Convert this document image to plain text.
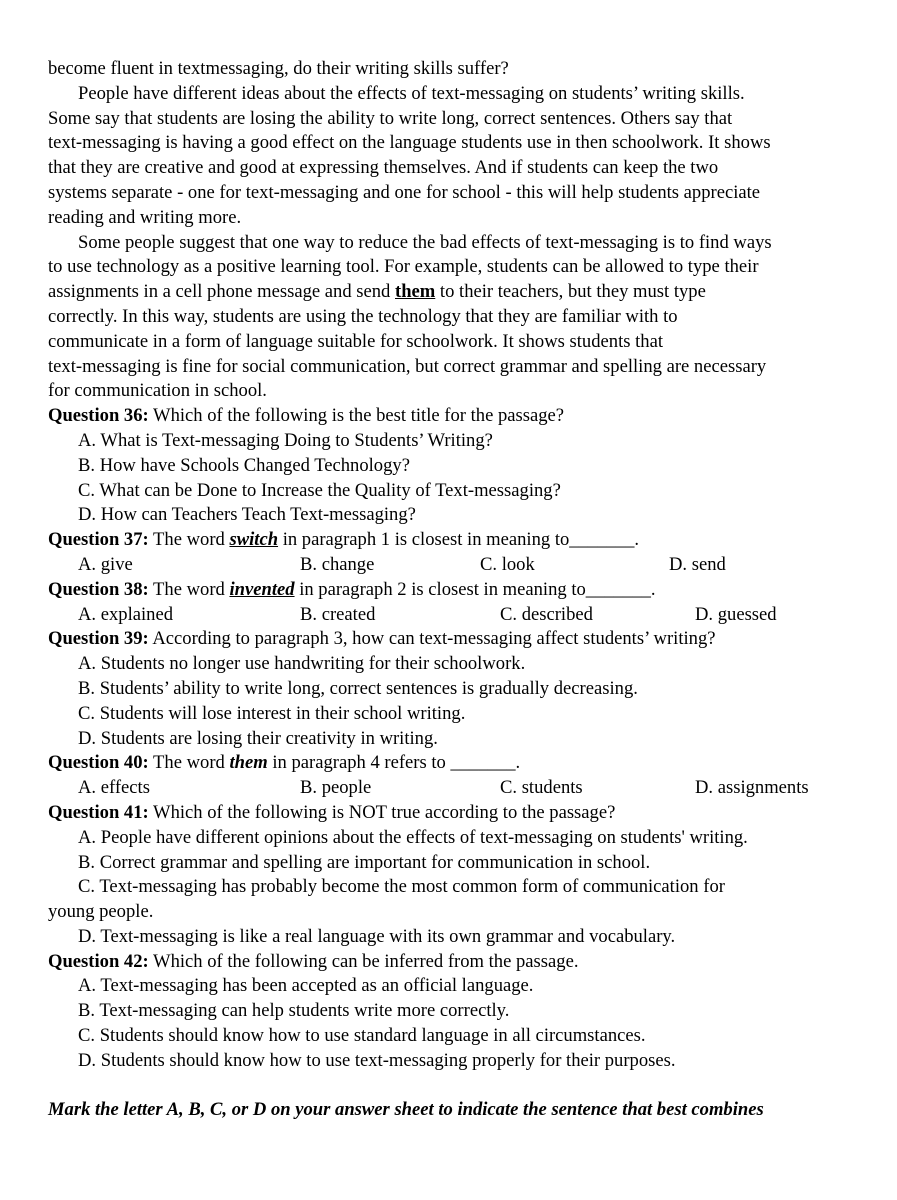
become fluent in textmessaging, do their writing skills suffer?
People have different ideas about the effects of text-messaging on students’ writing skills.
Some say that students are losing the ability to write long, correct sentences. Others say that
text-messaging is having a good effect on the language students use in then schoolwork. It shows
that they are creative and good at expressing themselves. And if students can keep the two
systems separate - one for text-messaging and one for school - this will help students appreciate
reading and writing more.
Some people suggest that one way to reduce the bad effects of text-messaging is to find ways
to use technology as a positive learning tool. For example, students can be allowed to type their
assignments in a cell phone message and send them to their teachers, but they must type
correctly. In this way, students are using the technology that they are familiar with to
communicate in a form of language suitable for schoolwork. It shows students that
text-messaging is fine for social communication, but correct grammar and spelling are necessary
for communication in school.
Question 36: Which of the following is the best title for the passage?
A. What is Text-messaging Doing to Students’ Writing?
B. How have Schools Changed Technology?
C. What can be Done to Increase the Quality of Text-messaging?
D. How can Teachers Teach Text-messaging?
Question 37: The word switch in paragraph 1 is closest in meaning to_______.
A. give	B. change	C. look	D. send
Question 38: The word invented in paragraph 2 is closest in meaning to_______.
A. explained	B. created	C. described	D. guessed
Question 39: According to paragraph 3, how can text-messaging affect students’ writing?
A. Students no longer use handwriting for their schoolwork.
B. Students’ ability to write long, correct sentences is gradually decreasing.
C. Students will lose interest in their school writing.
D. Students are losing their creativity in writing.
Question 40: The word them in paragraph 4 refers to _______.
A. effects	B. people	C. students	D. assignments
Question 41: Which of the following is NOT true according to the passage?
A. People have different opinions about the effects of text-messaging on students' writing.
B. Correct grammar and spelling are important for communication in school.
C. Text-messaging has probably become the most common form of communication for
young people.
D. Text-messaging is like a real language with its own grammar and vocabulary.
Question 42: Which of the following can be inferred from the passage.
A. Text-messaging has been accepted as an official language.
B. Text-messaging can help students write more correctly.
C. Students should know how to use standard language in all circumstances.
D. Students should know how to use text-messaging properly for their purposes.
Mark the letter A, B, C, or D on your answer sheet to indicate the sentence that best combines
